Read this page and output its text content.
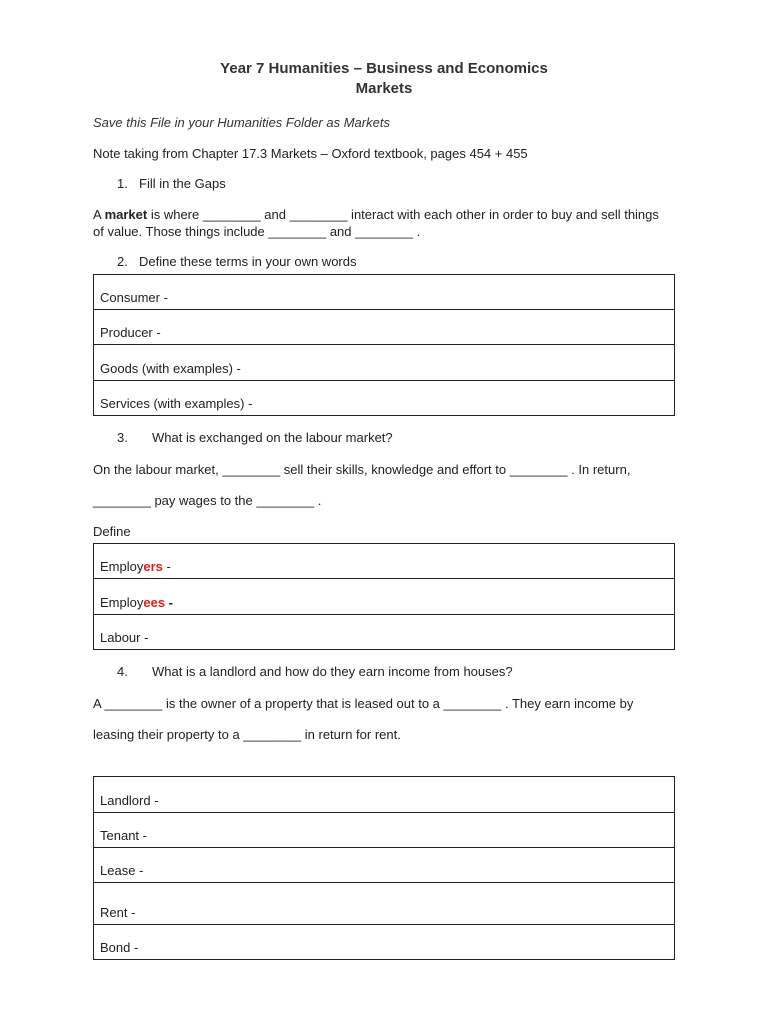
Year 7 Humanities – Business and Economics
Markets
Save this File in your Humanities Folder as Markets
Note taking from Chapter 17.3 Markets – Oxford textbook, pages 454 + 455
1. Fill in the Gaps
A market is where ________ and ________ interact with each other in order to buy and sell things
of value. Those things include ________ and ________ .
2. Define these terms in your own words
Consumer -
Producer -
Goods (with examples) -
Services (with examples) -
3. What is exchanged on the labour market?
On the labour market, ________ sell their skills, knowledge and effort to ________ . In return,
________ pay wages to the ________ .
Define
Employers -
Employees -
Labour -
4. What is a landlord and how do they earn income from houses?
A ________ is the owner of a property that is leased out to a ________ . They earn income by
leasing their property to a ________ in return for rent.
Landlord -
Tenant -
Lease -
Rent -
Bond -
